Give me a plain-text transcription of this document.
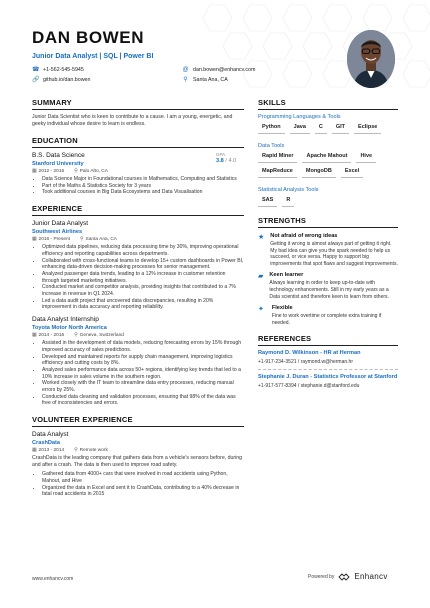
DAN BOWEN
Junior Data Analyst | SQL | Power BI
☎ +1-562-545-5945	@ dan.bowen@enhancv.com
🔗 github.io/dan.bowen	⚲ Santa Ana, CA
SUMMARY
Junior Data Scientist who is keen to contribute to a cause. I am a young, energetic, and geeky individual whose desire to learn is endless.
EDUCATION
B.S. Data Science
Stanford University
▦ 2012 - 2016 ⚲ Palo Alto, CA
GPA
3.8 / 4.0
• Data Science Major in Foundational courses in Mathematics, Computing and Statistics
• Part of the Maths & Statistics Society for 3 years
• Took additional courses in Big Data Ecosystems and Data Visualisation
EXPERIENCE
Junior Data Analyst
Southwest Airlines
▦ 2016 - Present ⚲ Santa Ana, CA
• Optimized data pipelines, reducing data processing time by 30%, improving operational efficiency and reporting capabilities across departments.
• Collaborated with cross-functional teams to develop 15+ custom dashboards in Power BI, enhancing data-driven decision-making processes for senior management.
• Analyzed passenger data trends, leading to a 12% increase in customer retention through targeted marketing initiatives.
• Conducted market and competitor analysis, providing insights that contributed to a 7% increase in revenue in Q1 2024.
• Led a data audit project that uncovered data discrepancies, resulting in 20% improvement in data accuracy and reporting reliability.
Data Analyst Internship
Toyota Motor North America
▦ 2014 - 2016 ⚲ Geneva, Switzerland
• Assisted in the development of data models, reducing forecasting errors by 15% through improved accuracy of sales predictions.
• Developed and maintained reports for supply chain management, improving logistics efficiency and cutting costs by 8%.
• Analyzed sales performance data across 50+ regions, identifying key trends that led to a 10% increase in sales volume in the southern region.
• Worked closely with the IT team to streamline data entry processes, reducing manual errors by 25%.
• Conducted data cleaning and validation processes, ensuring that 98% of the data was free of inconsistencies and errors.
VOLUNTEER EXPERIENCE
Data Analyst
CrashData
▦ 2013 - 2014 ⚲ Remote work
CrashData is the leading company that gathers data from a vehicle's sensors before, during and after a crash. The data is then used to improve road safety.
• Gathered data from 4000+ cars that were involved in road accidents using Python, Mahout, and Hive
• Organized the data in Excel and sent it to CrashData, contributing to a 40% decrease in fatal road accidents in 2015
SKILLS
Programming Languages & Tools
Python	Java	C	GIT	Eclipse
Data Tools
Rapid Miner	Apache Mahout	Hive
MapReduce	MongoDB	Excel
Statistical Analysis Tools
SAS	R
STRENGTHS
★ Not afraid of wrong ideas
Getting it wrong is almost always part of getting it right. My bad idea can give you the spark needed to help us succeed, or vice versa. Happy to support big improvements that spot flaws and suggest improvements.
▰ Keen learner
Always learning in order to keep up-to-date with technology enhancements. Still in my early years as a Data scientist and therefore keen to learn from others.
✦	Flexible
Fine to work overtime or complete extra training if needed.
REFERENCES
Raymond D. Wilkinson - HR at Herman
+1-917-234-3521 / raymond.w@herman.hr
Stephanie J. Duran - Statistics Professor at Stanford
+1-917-577-8394 / stephanie.d@stanford.edu
www.enhancv.com	Powered by	Enhancv
